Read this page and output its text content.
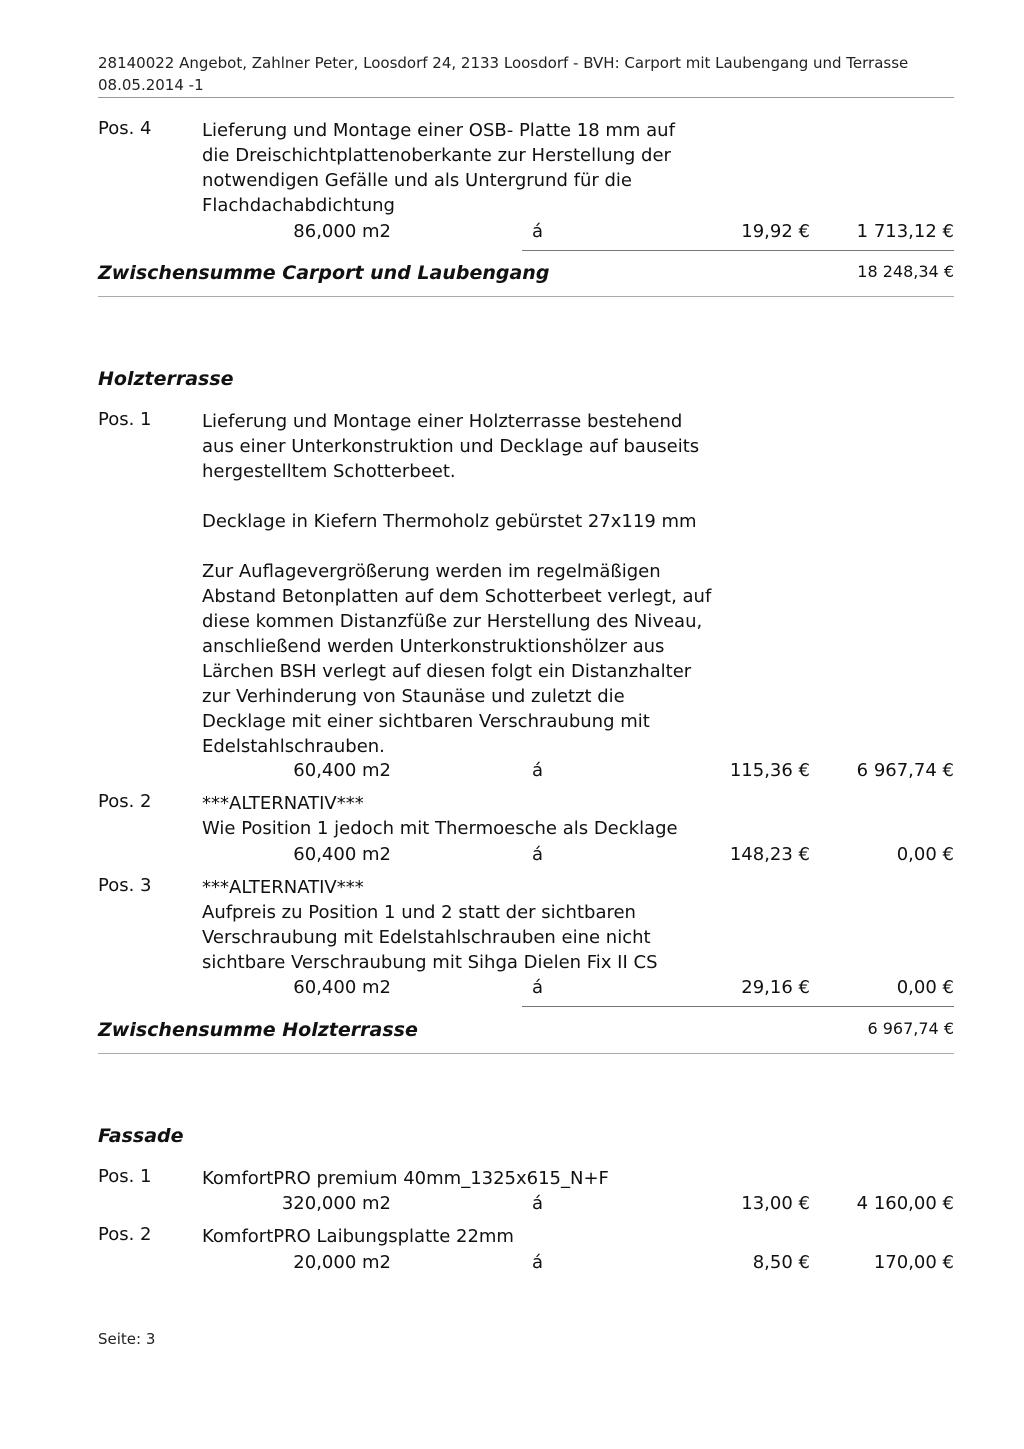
28140022 Angebot, Zahlner Peter, Loosdorf 24, 2133 Loosdorf - BVH: Carport mit Laubengang und Terrasse
08.05.2014 -1
Pos. 4	Lieferung und Montage einer OSB- Platte 18 mm auf
die Dreischichtplattenoberkante zur Herstellung der
notwendigen Gefälle und als Untergrund für die
Flachdachabdichtung
86,000 m2	á	19,92 €	1 713,12 €
Zwischensumme Carport und Laubengang	18 248,34 €
Holzterrasse
Pos. 1	Lieferung und Montage einer Holzterrasse bestehend
aus einer Unterkonstruktion und Decklage auf bauseits
hergestelltem Schotterbeet.
Decklage in Kiefern Thermoholz gebürstet 27x119 mm
Zur Auflagevergrößerung werden im regelmäßigen
Abstand Betonplatten auf dem Schotterbeet verlegt, auf
diese kommen Distanzfüße zur Herstellung des Niveau,
anschließend werden Unterkonstruktionshölzer aus
Lärchen BSH verlegt auf diesen folgt ein Distanzhalter
zur Verhinderung von Staunäse und zuletzt die
Decklage mit einer sichtbaren Verschraubung mit
Edelstahlschrauben.
60,400 m2	á	115,36 €	6 967,74 €
Pos. 2	***ALTERNATIV***
Wie Position 1 jedoch mit Thermoesche als Decklage
60,400 m2	á	148,23 €	0,00 €
Pos. 3	***ALTERNATIV***
Aufpreis zu Position 1 und 2 statt der sichtbaren
Verschraubung mit Edelstahlschrauben eine nicht
sichtbare Verschraubung mit Sihga Dielen Fix II CS
60,400 m2	á	29,16 €	0,00 €
Zwischensumme Holzterrasse	6 967,74 €
Fassade
Pos. 1	KomfortPRO premium 40mm_1325x615_N+F
320,000 m2	á	13,00 €	4 160,00 €
Pos. 2	KomfortPRO Laibungsplatte 22mm
20,000 m2	á	8,50 €	170,00 €
Seite: 3
